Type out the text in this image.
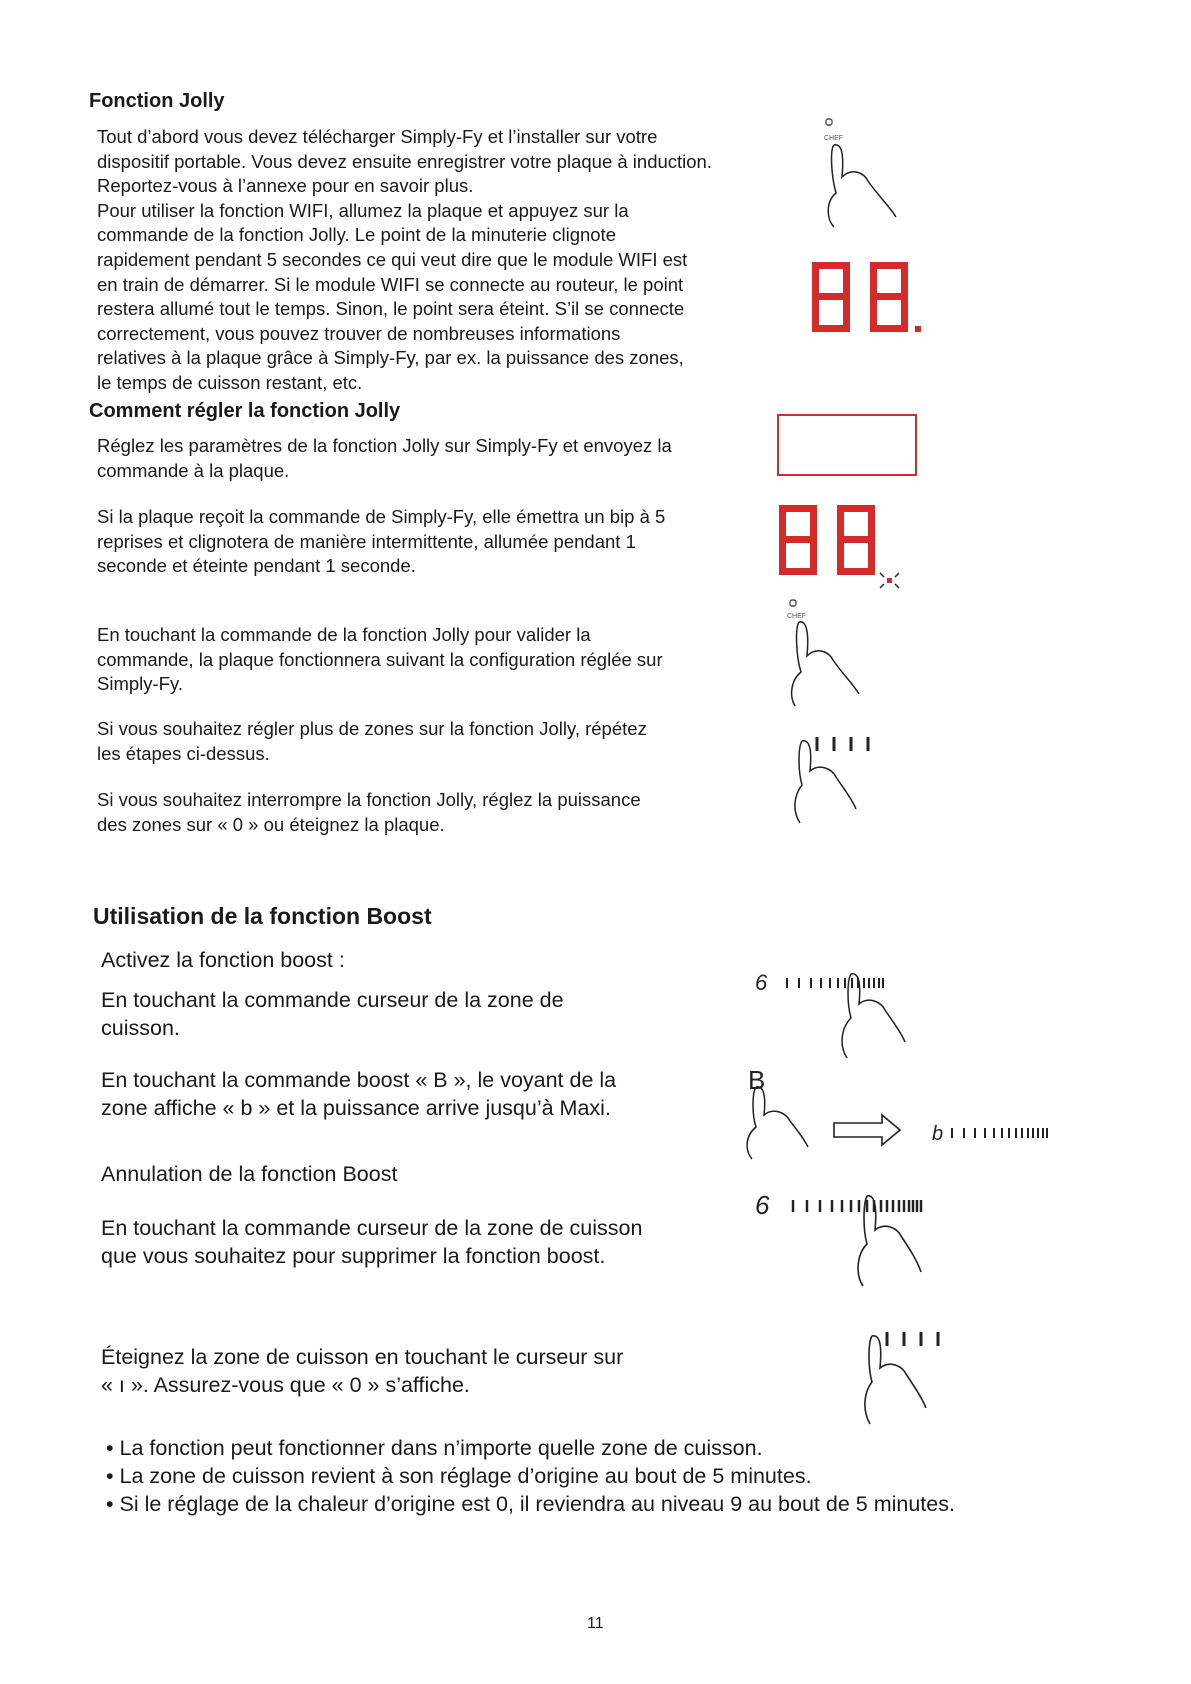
Fonction Jolly
Tout d’abord vous devez télécharger Simply-Fy et l’installer sur votre
dispositif portable. Vous devez ensuite enregistrer votre plaque à induction.
Reportez-vous à l’annexe pour en savoir plus.
Pour utiliser la fonction WIFI, allumez la plaque et appuyez sur la
commande de la fonction Jolly. Le point de la minuterie clignote
rapidement pendant 5 secondes ce qui veut dire que le module WIFI est
en train de démarrer. Si le module WIFI se connecte au routeur, le point
restera allumé tout le temps. Sinon, le point sera éteint. S’il se connecte
correctement, vous pouvez trouver de nombreuses informations
relatives à la plaque grâce à Simply-Fy, par ex. la puissance des zones,
le temps de cuisson restant, etc.
Comment régler la fonction Jolly
Réglez les paramètres de la fonction Jolly sur Simply-Fy et envoyez la
commande à la plaque.
Si la plaque reçoit la commande de Simply-Fy, elle émettra un bip à 5
reprises et clignotera de manière intermittente, allumée pendant 1
seconde et éteinte pendant 1 seconde.
En touchant la commande de la fonction Jolly pour valider la
commande, la plaque fonctionnera suivant la configuration réglée sur
Simply-Fy.
Si vous souhaitez régler plus de zones sur la fonction Jolly, répétez
les étapes ci-dessus.
Si vous souhaitez interrompre la fonction Jolly, réglez la puissance
des zones sur « 0 » ou éteignez la plaque.
CHEF
CHEF
Utilisation de la fonction Boost
Activez la fonction boost :
En touchant la commande curseur de la zone de
cuisson.
En touchant la commande boost « B », le voyant de la
zone affiche « b » et la puissance arrive jusqu’à Maxi.
Annulation de la fonction Boost
En touchant la commande curseur de la zone de cuisson
que vous souhaitez pour supprimer la fonction boost.
Éteignez la zone de cuisson en touchant le curseur sur
« ı ». Assurez-vous que « 0 » s’affiche.
6
B
b
6
• La fonction peut fonctionner dans n’importe quelle zone de cuisson.
• La zone de cuisson revient à son réglage d’origine au bout de 5 minutes.
• Si le réglage de la chaleur d’origine est 0, il reviendra au niveau 9 au bout de 5 minutes.
11
